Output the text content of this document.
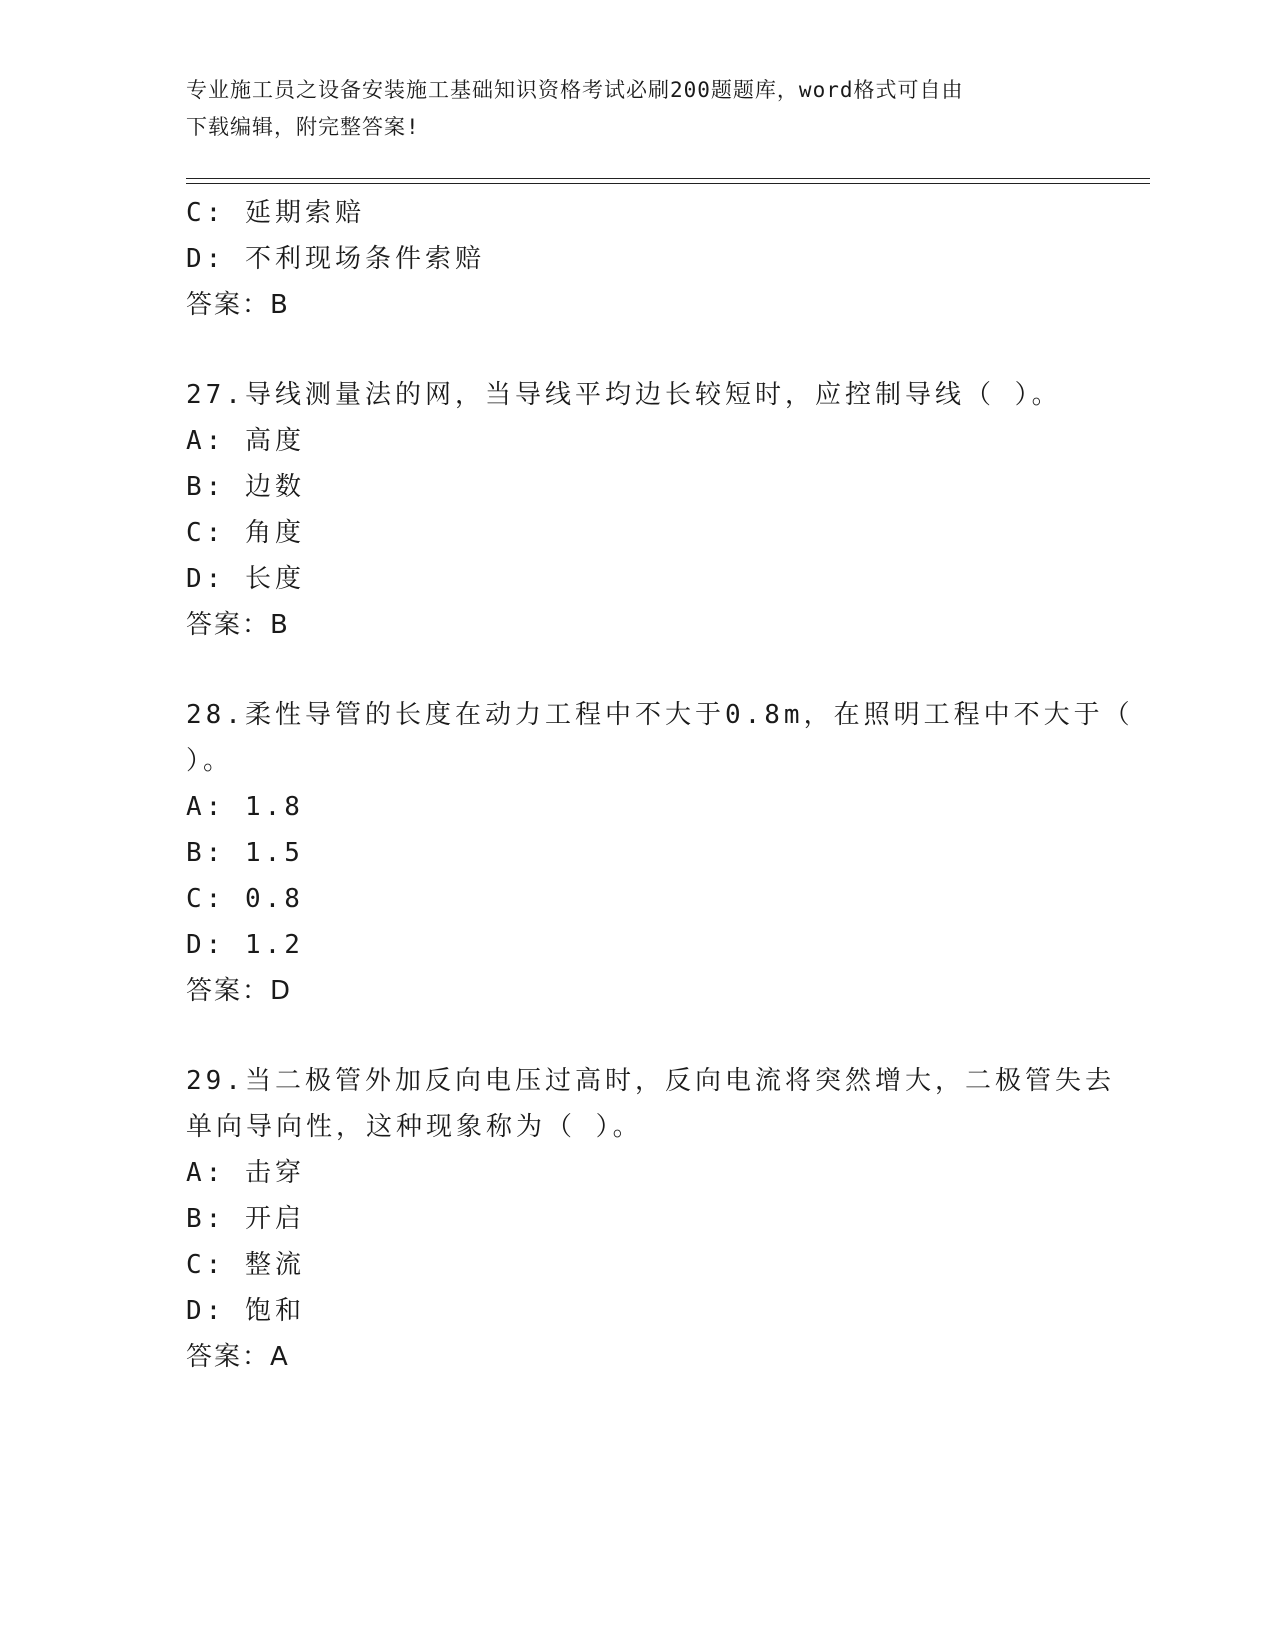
专业施工员之设备安装施工基础知识资格考试必刷200题题库，word格式可自由
下载编辑，附完整答案!
C: 延期索赔
D: 不利现场条件索赔
答案：B
27.导线测量法的网，当导线平均边长较短时，应控制导线（ ）。
A: 高度
B: 边数
C: 角度
D: 长度
答案：B
28.柔性导管的长度在动力工程中不大于0.8m，在照明工程中不大于（
）。
A: 1.8
B: 1.5
C: 0.8
D: 1.2
答案：D
29.当二极管外加反向电压过高时，反向电流将突然增大，二极管失去
单向导向性，这种现象称为（ ）。
A: 击穿
B: 开启
C: 整流
D: 饱和
答案：A
